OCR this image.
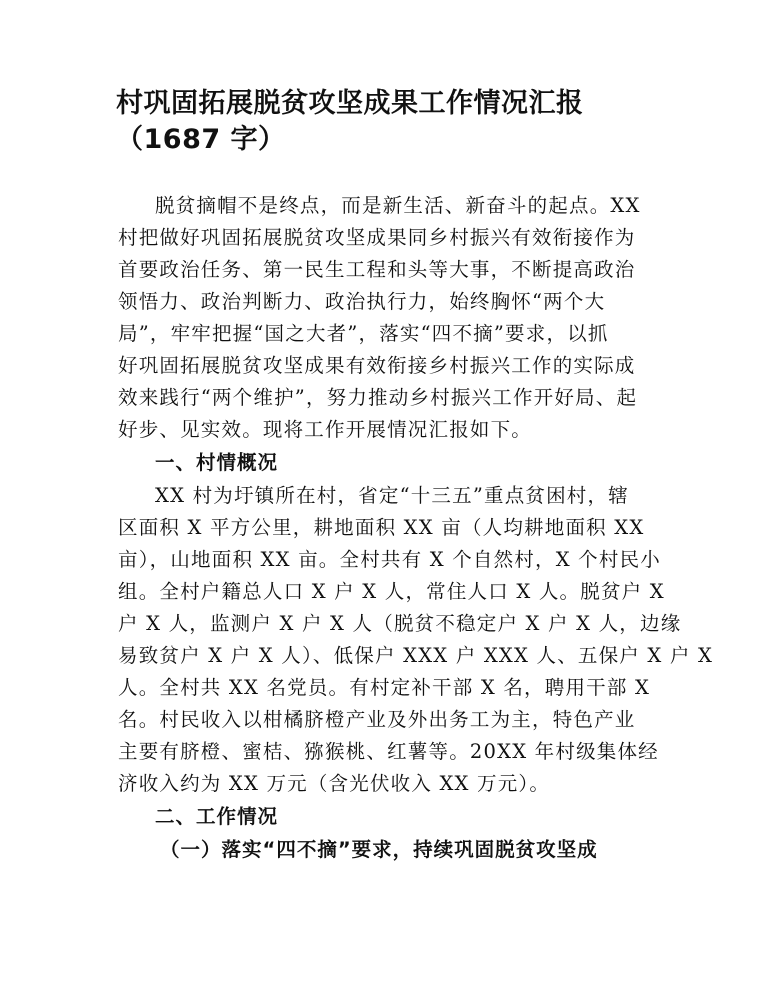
村巩固拓展脱贫攻坚成果工作情况汇报（1687 字）

脱贫摘帽不是终点，而是新生活、新奋斗的起点。XX

村把做好巩固拓展脱贫攻坚成果同乡村振兴有效衔接作为

首要政治任务、第一民生工程和头等大事，不断提高政治

领悟力、政治判断力、政治执行力，始终胸怀“两个大

局”，牢牢把握“国之大者”，落实“四不摘”要求，以抓

好巩固拓展脱贫攻坚成果有效衔接乡村振兴工作的实际成

效来践行“两个维护”，努力推动乡村振兴工作开好局、起

好步、见实效。现将工作开展情况汇报如下。

一、村情概况

XX 村为圩镇所在村，省定“十三五”重点贫困村，辖

区面积 X 平方公里，耕地面积 XX 亩（人均耕地面积 XX

亩），山地面积 XX 亩。全村共有 X 个自然村，X 个村民小

组。全村户籍总人口 X 户 X 人，常住人口 X 人。脱贫户 X

户 X 人，监测户 X 户 X 人（脱贫不稳定户 X 户 X 人，边缘

易致贫户 X 户 X 人）、低保户 XXX 户 XXX 人、五保户 X 户 X

人。全村共 XX 名党员。有村定补干部 X 名，聘用干部 X

名。村民收入以柑橘脐橙产业及外出务工为主，特色产业

主要有脐橙、蜜桔、猕猴桃、红薯等。20XX 年村级集体经

济收入约为 XX 万元（含光伏收入 XX 万元）。

二、工作情况
（一）落实“四不摘”要求，持续巩固脱贫攻坚成
